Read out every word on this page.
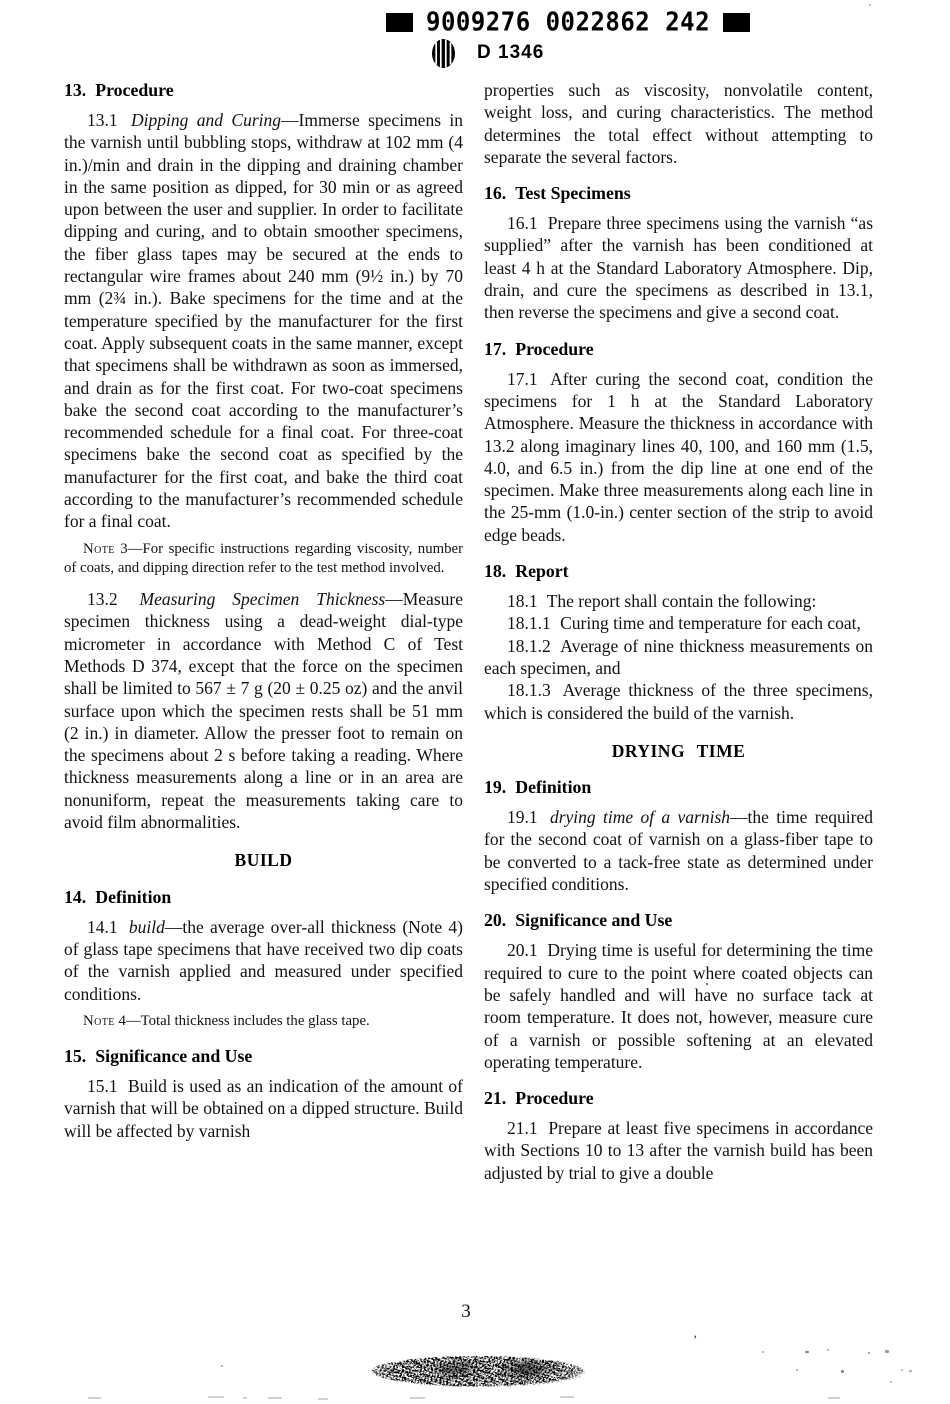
9009276 0022862 242
D 1346
13. Procedure

13.1 Dipping and Curing—Immerse specimens in the varnish until bubbling stops, withdraw at 102 mm (4 in.)/min and drain in the dipping and draining chamber in the same position as dipped, for 30 min or as agreed upon between the user and supplier. In order to facilitate dipping and curing, and to obtain smoother specimens, the fiber glass tapes may be secured at the ends to rectangular wire frames about 240 mm (9½ in.) by 70 mm (2¾ in.). Bake specimens for the time and at the temperature specified by the manufacturer for the first coat. Apply subsequent coats in the same manner, except that specimens shall be withdrawn as soon as immersed, and drain as for the first coat. For two-coat specimens bake the second coat according to the manufacturer’s recommended schedule for a final coat. For three-coat specimens bake the second coat as specified by the manufacturer for the first coat, and bake the third coat according to the manufacturer’s recommended schedule for a final coat.

Note 3—For specific instructions regarding viscosity, number of coats, and dipping direction refer to the test method involved.

13.2 Measuring Specimen Thickness—Measure specimen thickness using a dead-weight dial-type micrometer in accordance with Method C of Test Methods D 374, except that the force on the specimen shall be limited to 567 ± 7 g (20 ± 0.25 oz) and the anvil surface upon which the specimen rests shall be 51 mm (2 in.) in diameter. Allow the presser foot to remain on the specimens about 2 s before taking a reading. Where thickness measurements along a line or in an area are nonuniform, repeat the measurements taking care to avoid film abnormalities.

BUILD
14. Definition

14.1 build—the average over-all thickness (Note 4) of glass tape specimens that have received two dip coats of the varnish applied and measured under specified conditions.

Note 4—Total thickness includes the glass tape.

15. Significance and Use

15.1 Build is used as an indication of the amount of varnish that will be obtained on a dipped structure. Build will be affected by varnish

properties such as viscosity, nonvolatile content, weight loss, and curing characteristics. The method determines the total effect without attempting to separate the several factors.

16. Test Specimens

16.1 Prepare three specimens using the varnish “as supplied” after the varnish has been conditioned at least 4 h at the Standard Laboratory Atmosphere. Dip, drain, and cure the specimens as described in 13.1, then reverse the specimens and give a second coat.

17. Procedure

17.1 After curing the second coat, condition the specimens for 1 h at the Standard Laboratory Atmosphere. Measure the thickness in accordance with 13.2 along imaginary lines 40, 100, and 160 mm (1.5, 4.0, and 6.5 in.) from the dip line at one end of the specimen. Make three measurements along each line in the 25-mm (1.0-in.) center section of the strip to avoid edge beads.

18. Report

18.1 The report shall contain the following:

18.1.1 Curing time and temperature for each coat,

18.1.2 Average of nine thickness measurements on each specimen, and

18.1.3 Average thickness of the three specimens, which is considered the build of the varnish.

DRYING TIME
19. Definition

19.1 drying time of a varnish—the time required for the second coat of varnish on a glass-fiber tape to be converted to a tack-free state as determined under specified conditions.

20. Significance and Use

20.1 Drying time is useful for determining the time required to cure to the point where coated objects can be safely handled and will have no surface tack at room temperature. It does not, however, measure cure of a varnish or possible softening at an elevated operating temperature.

21. Procedure

21.1 Prepare at least five specimens in accordance with Sections 10 to 13 after the varnish build has been adjusted by trial to give a double

3
’
